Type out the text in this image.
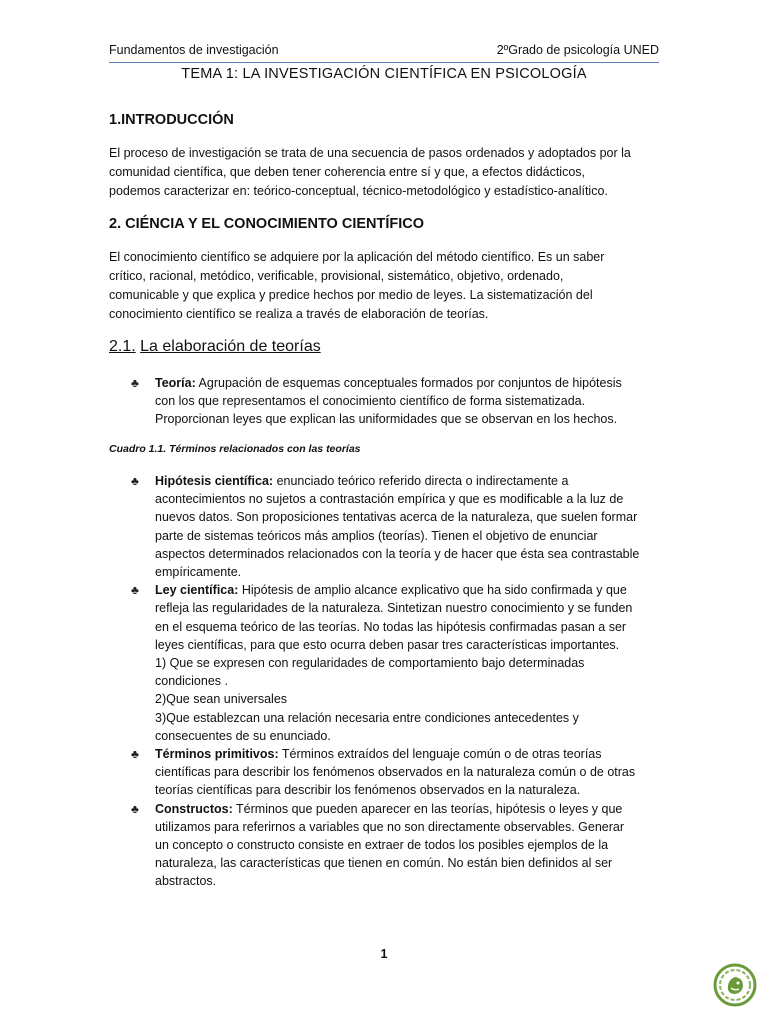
Fundamentos de investigación	2ºGrado de psicología UNED
TEMA 1: LA INVESTIGACIÓN CIENTÍFICA EN PSICOLOGÍA
1.INTRODUCCIÓN
El proceso de investigación se trata de una secuencia de pasos ordenados y adoptados por la
comunidad científica, que deben tener coherencia entre sí y que, a efectos didácticos,
podemos caracterizar en: teórico-conceptual, técnico-metodológico y estadístico-analítico.
2. CIÉNCIA Y EL CONOCIMIENTO CIENTÍFICO
El conocimiento científico se adquiere por la aplicación del método científico. Es un saber
crítico, racional, metódico, verificable, provisional, sistemático, objetivo, ordenado,
comunicable y que explica y predice hechos por medio de leyes. La sistematización del
conocimiento científico se realiza a través de elaboración de teorías.
2.1. La elaboración de teorías
♣ Teoría: Agrupación de esquemas conceptuales formados por conjuntos de hipótesis
con los que representamos el conocimiento científico de forma sistematizada.
Proporcionan leyes que explican las uniformidades que se observan en los hechos.
Cuadro 1.1. Términos relacionados con las teorías
♣ Hipótesis científica: enunciado teórico referido directa o indirectamente a
acontecimientos no sujetos a contrastación empírica y que es modificable a la luz de
nuevos datos. Son proposiciones tentativas acerca de la naturaleza, que suelen formar
parte de sistemas teóricos más amplios (teorías). Tienen el objetivo de enunciar
aspectos determinados relacionados con la teoría y de hacer que ésta sea contrastable
empíricamente.
♣ Ley científica: Hipótesis de amplio alcance explicativo que ha sido confirmada y que
refleja las regularidades de la naturaleza. Sintetizan nuestro conocimiento y se funden
en el esquema teórico de las teorías. No todas las hipótesis confirmadas pasan a ser
leyes científicas, para que esto ocurra deben pasar tres características importantes.
1) Que se expresen con regularidades de comportamiento bajo determinadas
condiciones .
2)Que sean universales
3)Que establezcan una relación necesaria entre condiciones antecedentes y
consecuentes de su enunciado.
♣ Términos primitivos: Términos extraídos del lenguaje común o de otras teorías
científicas para describir los fenómenos observados en la naturaleza común o de otras
teorías científicas para describir los fenómenos observados en la naturaleza.
♣ Constructos: Términos que pueden aparecer en las teorías, hipótesis o leyes y que
utilizamos para referirnos a variables que no son directamente observables. Generar
un concepto o constructo consiste en extraer de todos los posibles ejemplos de la
naturaleza, las características que tienen en común. No están bien definidos al ser
abstractos.
1
